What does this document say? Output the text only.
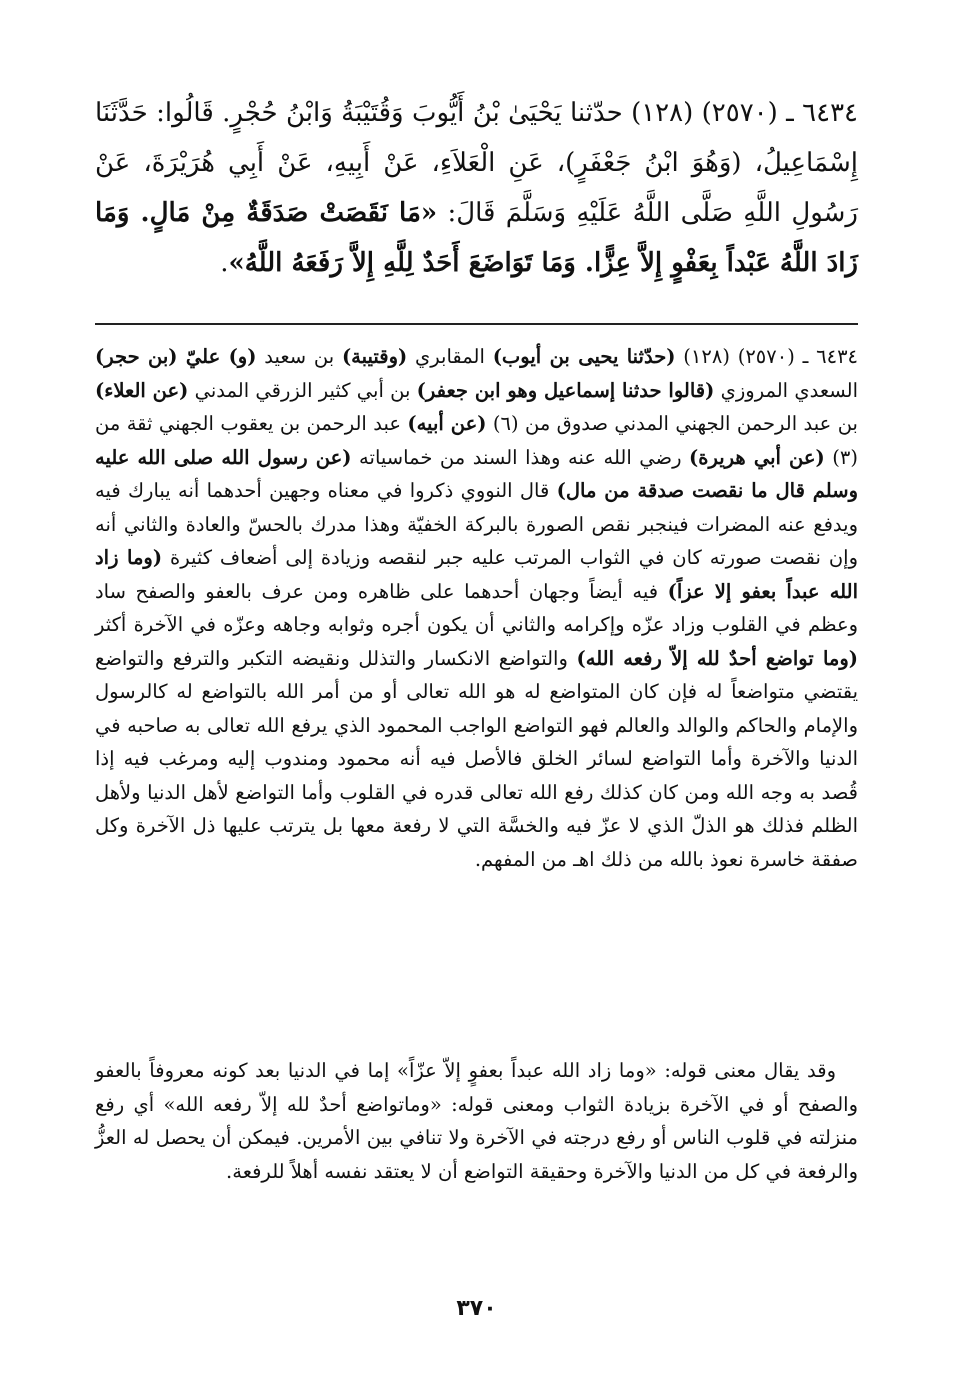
٦٤٣٤ ـ (٢٥٧٠) (١٢٨) حدّثنا يَحْيَىٰ بْنُ أَيُّوبَ وَقُتَيْبَةُ وَابْنُ حُجْرٍ. قَالُوا: حَدَّثَنَا إِسْمَاعِيلُ، (وَهُوَ ابْنُ جَعْفَرٍ)، عَنِ الْعَلاَءِ، عَنْ أَبِيهِ، عَنْ أَبِي هُرَيْرَةَ، عَنْ رَسُولِ اللَّهِ صَلَّى اللَّهُ عَلَيْهِ وَسَلَّمَ قَالَ: «مَا نَقَصَتْ صَدَقَةٌ مِنْ مَالٍ. وَمَا زَادَ اللَّهُ عَبْداً بِعَفْوٍ إِلاَّ عِزًّا. وَمَا تَوَاضَعَ أَحَدٌ لِلَّهِ إِلاَّ رَفَعَهُ اللَّهُ».

٦٤٣٤ ـ (٢٥٧٠) (١٢٨) (حدّثنا يحيى بن أيوب) المقابري (وقتيبة) بن سعيد (و) عليّ (بن حجر) السعدي المروزي (قالوا حدثنا إسماعيل وهو ابن جعفر) بن أبي كثير الزرقي المدني (عن العلاء) بن عبد الرحمن الجهني المدني صدوق من (٦) (عن أبيه) عبد الرحمن بن يعقوب الجهني ثقة من (٣) (عن أبي هريرة) رضي الله عنه وهذا السند من خماسياته (عن رسول الله صلى الله عليه وسلم قال ما نقصت صدقة من مال) قال النووي ذكروا في معناه وجهين أحدهما أنه يبارك فيه ويدفع عنه المضرات فينجبر نقص الصورة بالبركة الخفيّة وهذا مدرك بالحسّ والعادة والثاني أنه وإن نقصت صورته كان في الثواب المرتب عليه جبر لنقصه وزيادة إلى أضعاف كثيرة (وما زاد الله عبداً بعفو إلا عزاً) فيه أيضاً وجهان أحدهما على ظاهره ومن عرف بالعفو والصفح ساد وعظم في القلوب وزاد عزّه وإكرامه والثاني أن يكون أجره وثوابه وجاهه وعزّه في الآخرة أكثر (وما تواضع أحدٌ لله إلاّ رفعه الله) والتواضع الانكسار والتذلل ونقيضه التكبر والترفع والتواضع يقتضي متواضعاً له فإن كان المتواضع له هو الله تعالى أو من أمر الله بالتواضع له كالرسول والإمام والحاكم والوالد والعالم فهو التواضع الواجب المحمود الذي يرفع الله تعالى به صاحبه في الدنيا والآخرة وأما التواضع لسائر الخلق فالأصل فيه أنه محمود ومندوب إليه ومرغب فيه إذا قُصد به وجه الله ومن كان كذلك رفع الله تعالى قدره في القلوب وأما التواضع لأهل الدنيا ولأهل الظلم فذلك هو الذلّ الذي لا عزّ فيه والخسَّة التي لا رفعة معها بل يترتب عليها ذل الآخرة وكل صفقة خاسرة نعوذ بالله من ذلك اهـ من المفهم.

وقد يقال معنى قوله: «وما زاد الله عبداً بعفوٍ إلاّ عزّاً» إما في الدنيا بعد كونه معروفاً بالعفو والصفح أو في الآخرة بزيادة الثواب ومعنى قوله: «وماتواضع أحدٌ لله إلاّ رفعه الله» أي رفع منزلته في قلوب الناس أو رفع درجته في الآخرة ولا تنافي بين الأمرين. فيمكن أن يحصل له العزُّ والرفعة في كل من الدنيا والآخرة وحقيقة التواضع أن لا يعتقد نفسه أهلاً للرفعة.

٣٧٠
